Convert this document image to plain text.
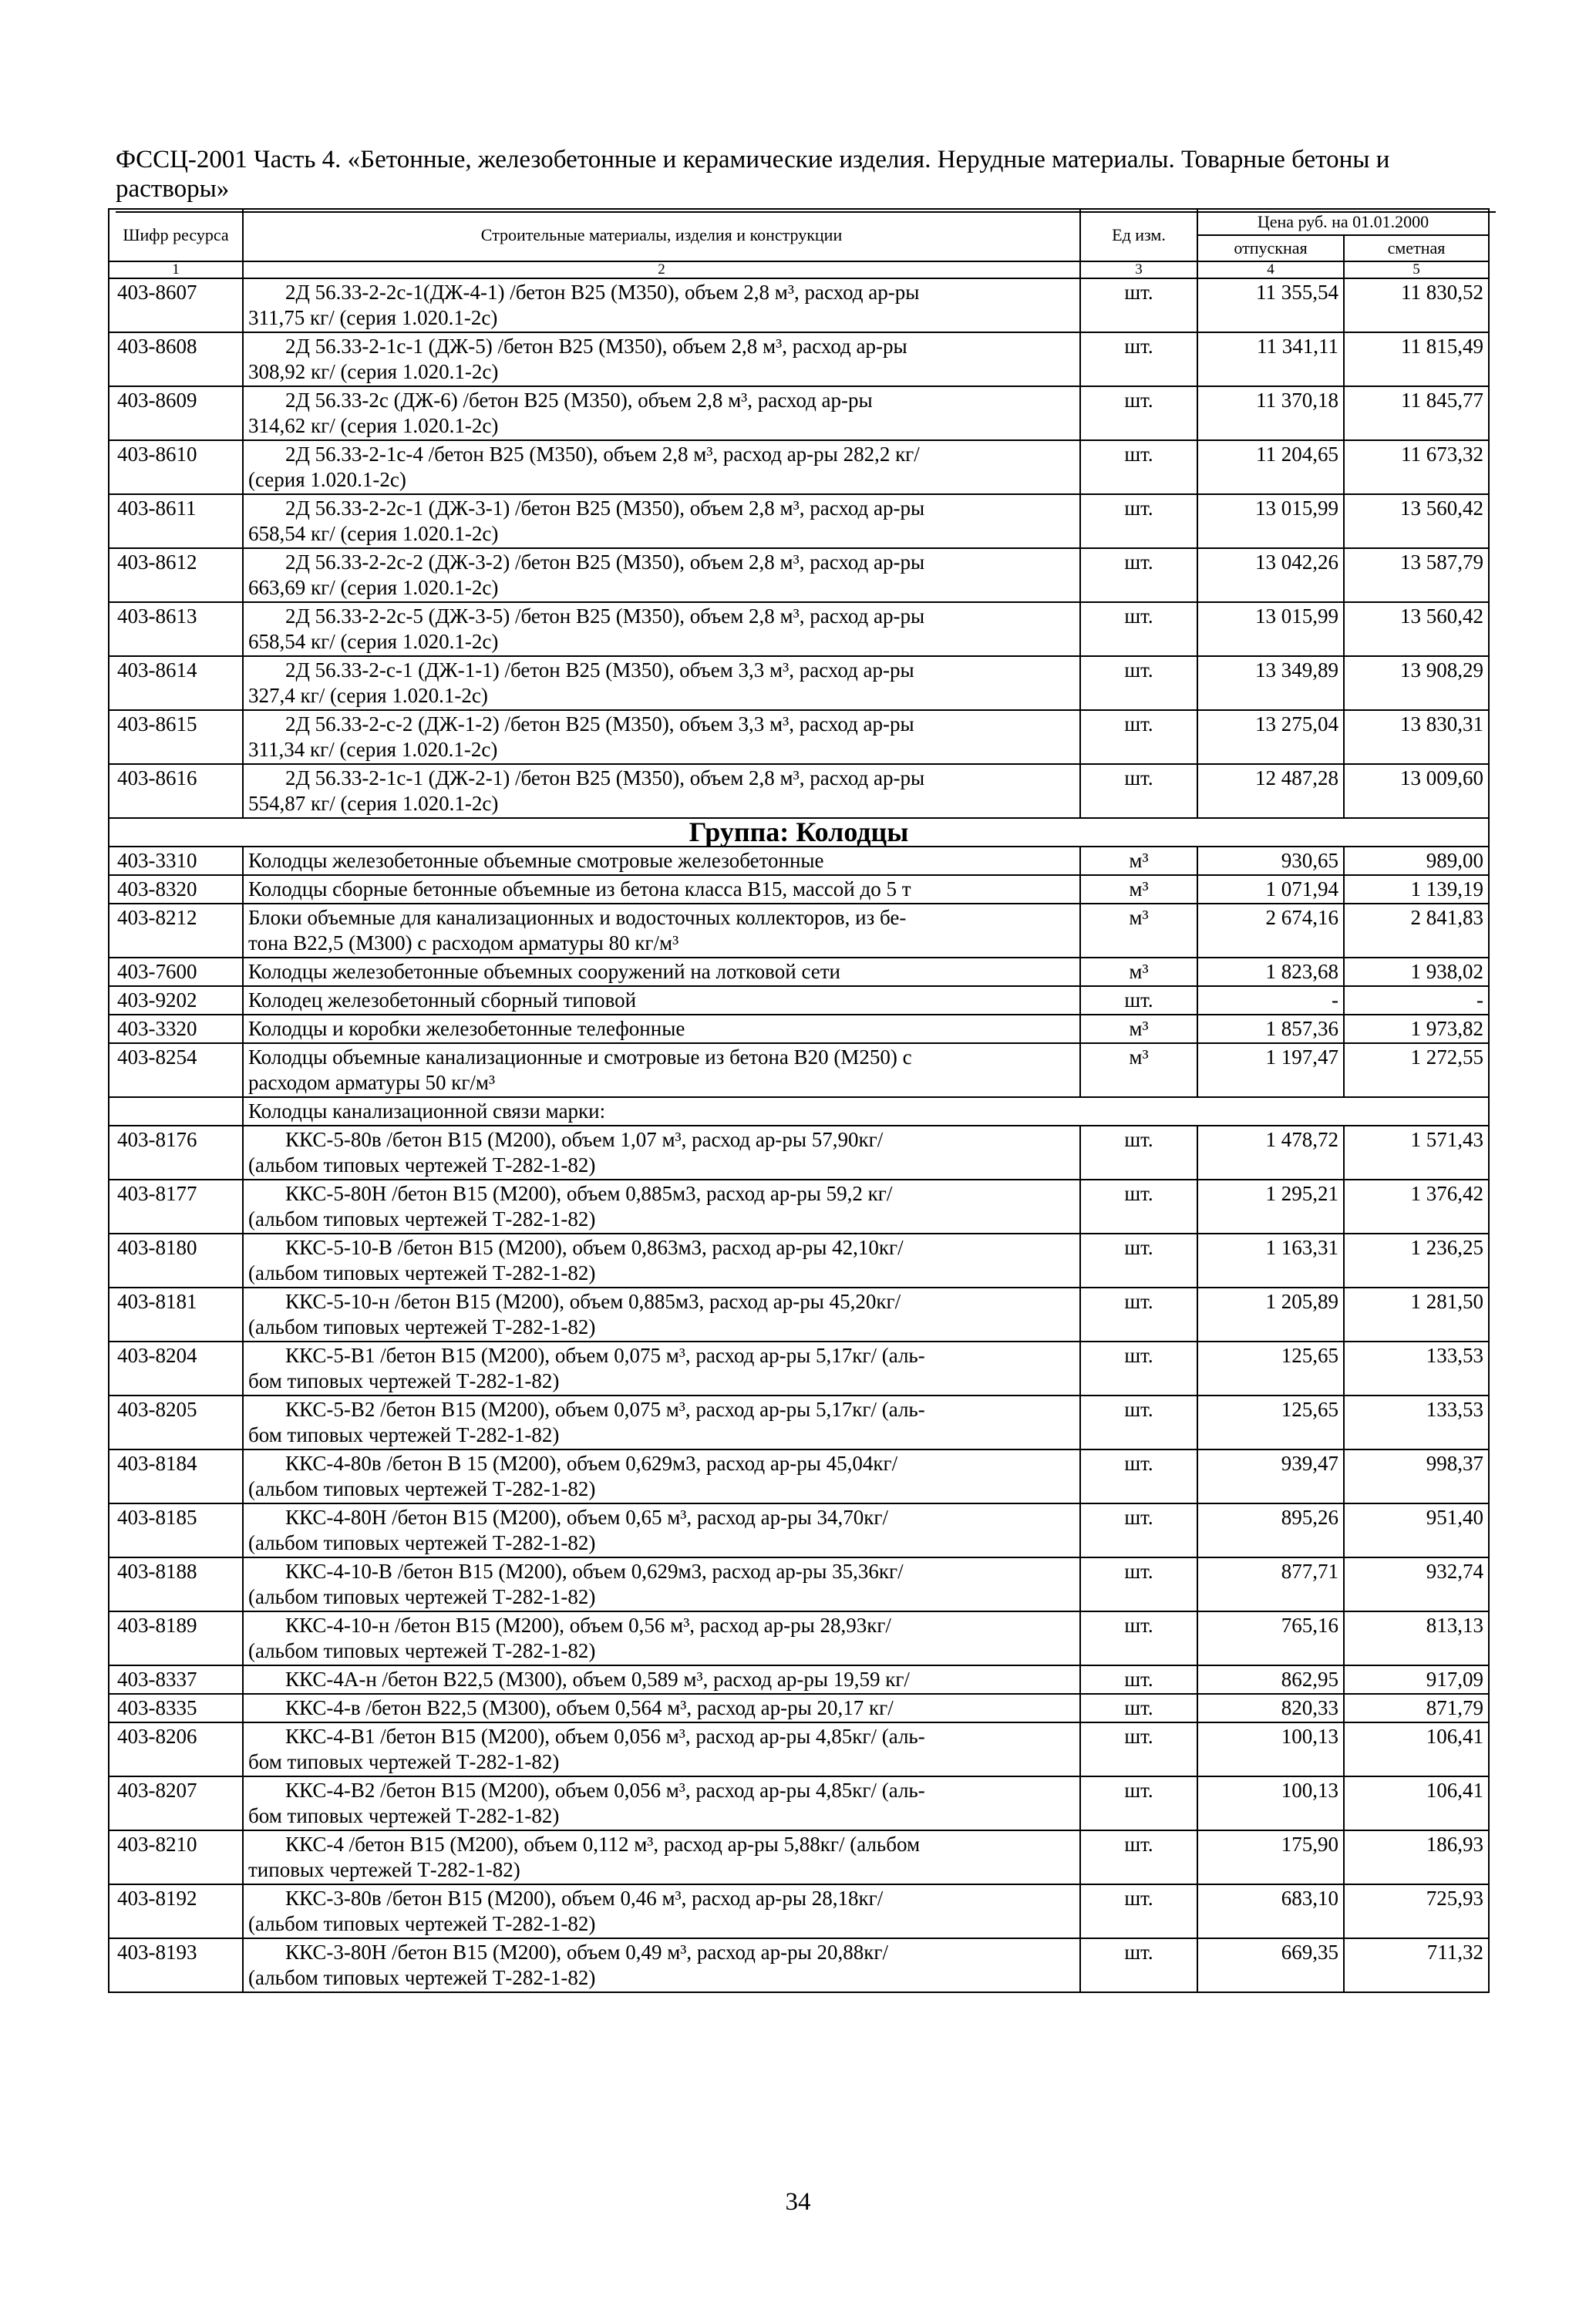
ФССЦ-2001 Часть 4. «Бетонные, железобетонные и керамические изделия. Нерудные материалы. Товарные бетоны и
растворы»
Шифр ресурса	Строительные материалы, изделия и конструкции	Ед изм.	Цена руб. на 01.01.2000	
			отпускная	сметная
1	2	3	4	5
403-8607	2Д 56.33-2-2с-1(ДЖ-4-1) /бетон В25 (М350), объем 2,8 м³, расход ар-ры
311,75 кг/ (серия 1.020.1-2с)	шт.	11 355,54	11 830,52
403-8608	2Д 56.33-2-1с-1 (ДЖ-5) /бетон В25 (М350), объем 2,8 м³, расход ар-ры
308,92 кг/ (серия 1.020.1-2с)	шт.	11 341,11	11 815,49
403-8609	2Д 56.33-2с (ДЖ-6) /бетон В25 (М350), объем 2,8 м³, расход ар-ры
314,62 кг/ (серия 1.020.1-2с)	шт.	11 370,18	11 845,77
403-8610	2Д 56.33-2-1с-4 /бетон В25 (М350), объем 2,8 м³, расход ар-ры 282,2 кг/
(серия 1.020.1-2с)	шт.	11 204,65	11 673,32
403-8611	2Д 56.33-2-2с-1 (ДЖ-3-1) /бетон В25 (М350), объем 2,8 м³, расход ар-ры
658,54 кг/ (серия 1.020.1-2с)	шт.	13 015,99	13 560,42
403-8612	2Д 56.33-2-2с-2 (ДЖ-3-2) /бетон В25 (М350), объем 2,8 м³, расход ар-ры
663,69 кг/ (серия 1.020.1-2с)	шт.	13 042,26	13 587,79
403-8613	2Д 56.33-2-2с-5 (ДЖ-3-5) /бетон В25 (М350), объем 2,8 м³, расход ар-ры
658,54 кг/ (серия 1.020.1-2с)	шт.	13 015,99	13 560,42
403-8614	2Д 56.33-2-с-1 (ДЖ-1-1) /бетон В25 (М350), объем 3,3 м³, расход ар-ры
327,4 кг/ (серия 1.020.1-2с)	шт.	13 349,89	13 908,29
403-8615	2Д 56.33-2-с-2 (ДЖ-1-2) /бетон В25 (М350), объем 3,3 м³, расход ар-ры
311,34 кг/ (серия 1.020.1-2с)	шт.	13 275,04	13 830,31
403-8616	2Д 56.33-2-1с-1 (ДЖ-2-1) /бетон В25 (М350), объем 2,8 м³, расход ар-ры
554,87 кг/ (серия 1.020.1-2с)	шт.	12 487,28	13 009,60
Группа: Колодцы				
403-3310	Колодцы железобетонные объемные смотровые железобетонные	м³	930,65	989,00
403-8320	Колодцы сборные бетонные объемные из бетона класса В15, массой до 5 т	м³	1 071,94	1 139,19
403-8212	Блоки объемные для канализационных и водосточных коллекторов, из бе-
тона В22,5 (М300) с расходом арматуры 80 кг/м³	м³	2 674,16	2 841,83
403-7600	Колодцы железобетонные объемных сооружений на лотковой сети	м³	1 823,68	1 938,02
403-9202	Колодец железобетонный сборный типовой	шт.	-	-
403-3320	Колодцы и коробки железобетонные телефонные	м³	1 857,36	1 973,82
403-8254	Колодцы объемные канализационные и смотровые из бетона В20 (М250) с
расходом арматуры 50 кг/м³	м³	1 197,47	1 272,55
	Колодцы канализационной связи марки:			
403-8176	ККС-5-80в /бетон В15 (М200), объем 1,07 м³, расход ар-ры 57,90кг/
(альбом типовых чертежей Т-282-1-82)	шт.	1 478,72	1 571,43
403-8177	ККС-5-80Н /бетон В15 (М200), объем 0,885м3, расход ар-ры 59,2 кг/
(альбом типовых чертежей Т-282-1-82)	шт.	1 295,21	1 376,42
403-8180	ККС-5-10-В /бетон В15 (М200), объем 0,863м3, расход ар-ры 42,10кг/
(альбом типовых чертежей Т-282-1-82)	шт.	1 163,31	1 236,25
403-8181	ККС-5-10-н /бетон В15 (М200), объем 0,885м3, расход ар-ры 45,20кг/
(альбом типовых чертежей Т-282-1-82)	шт.	1 205,89	1 281,50
403-8204	ККС-5-В1 /бетон В15 (М200), объем 0,075 м³, расход ар-ры 5,17кг/ (аль-
бом типовых чертежей Т-282-1-82)	шт.	125,65	133,53
403-8205	ККС-5-В2 /бетон В15 (М200), объем 0,075 м³, расход ар-ры 5,17кг/ (аль-
бом типовых чертежей Т-282-1-82)	шт.	125,65	133,53
403-8184	ККС-4-80в /бетон В 15 (М200), объем 0,629м3, расход ар-ры 45,04кг/
(альбом типовых чертежей Т-282-1-82)	шт.	939,47	998,37
403-8185	ККС-4-80Н /бетон В15 (М200), объем 0,65 м³, расход ар-ры 34,70кг/
(альбом типовых чертежей Т-282-1-82)	шт.	895,26	951,40
403-8188	ККС-4-10-В /бетон В15 (М200), объем 0,629м3, расход ар-ры 35,36кг/
(альбом типовых чертежей Т-282-1-82)	шт.	877,71	932,74
403-8189	ККС-4-10-н /бетон В15 (М200), объем 0,56 м³, расход ар-ры 28,93кг/
(альбом типовых чертежей Т-282-1-82)	шт.	765,16	813,13
403-8337	ККС-4А-н /бетон В22,5 (М300), объем 0,589 м³, расход ар-ры 19,59 кг/	шт.	862,95	917,09
403-8335	ККС-4-в /бетон В22,5 (М300), объем 0,564 м³, расход ар-ры 20,17 кг/	шт.	820,33	871,79
403-8206	ККС-4-В1 /бетон В15 (М200), объем 0,056 м³, расход ар-ры 4,85кг/ (аль-
бом типовых чертежей Т-282-1-82)	шт.	100,13	106,41
403-8207	ККС-4-В2 /бетон В15 (М200), объем 0,056 м³, расход ар-ры 4,85кг/ (аль-
бом типовых чертежей Т-282-1-82)	шт.	100,13	106,41
403-8210	ККС-4 /бетон В15 (М200), объем 0,112 м³, расход ар-ры 5,88кг/ (альбом
типовых чертежей Т-282-1-82)	шт.	175,90	186,93
403-8192	ККС-3-80в /бетон В15 (М200), объем 0,46 м³, расход ар-ры 28,18кг/
(альбом типовых чертежей Т-282-1-82)	шт.	683,10	725,93
403-8193	ККС-3-80Н /бетон В15 (М200), объем 0,49 м³, расход ар-ры 20,88кг/
(альбом типовых чертежей Т-282-1-82)	шт.	669,35	711,32
34
